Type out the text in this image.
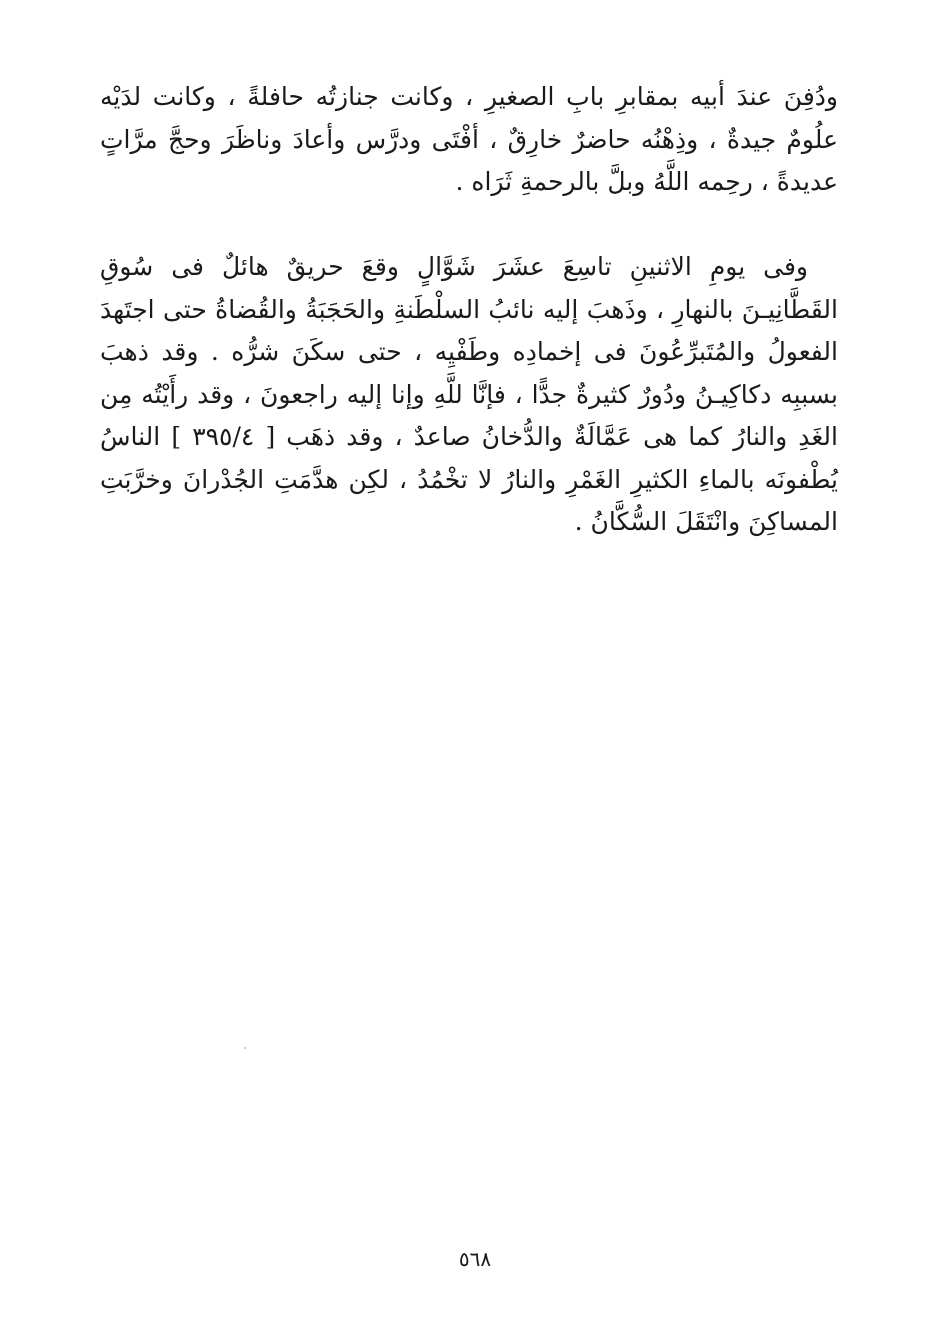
ودُفِنَ عندَ أبيه بمقابرِ بابِ الصغيرِ ، وكانت جنازتُه حافلةً ، وكانت لدَيْه علُومٌ جيدةٌ ، وذِهْنُه حاضرٌ خارِقٌ ، أفْتَى ودرَّس وأعادَ وناظَرَ وحجَّ مرَّاتٍ عديدةً ، رحِمه اللَّهُ وبلَّ بالرحمةِ ثَرَاه .

وفى يومِ الاثنينِ تاسِعَ عشَرَ شَوَّالٍ وقعَ حريقٌ هائلٌ فى سُوقِ القَطَّانِيـنَ بالنهارِ ، وذَهبَ إليه نائبُ السلْطَنةِ والحَجَبَةُ والقُضاةُ حتى اجتَهدَ الفعولُ والمُتَبرِّعُونَ فى إخمادِه وطَفْيِه ، حتى سكَنَ شرُّه . وقد ذهبَ بسببِه دكاكِيـنُ ودُورٌ كثيرةٌ جدًّا ، فإنَّا للَّهِ وإنا إليه راجعونَ ، وقد رأَيْتُه مِن الغَدِ والنارُ كما هى عَمَّالَةٌ والدُّخانُ صاعدٌ ، وقد ذهَب [ ٣٩٥/٤ ] الناسُ يُطْفونَه بالماءِ الكثيرِ الغَمْرِ والنارُ لا تخْمُدُ ، لكِن هدَّمَتِ الجُدْرانَ وخرَّبَتِ المساكِنَ وانْتَقَلَ السُّكَّانُ .

٥٦٨
